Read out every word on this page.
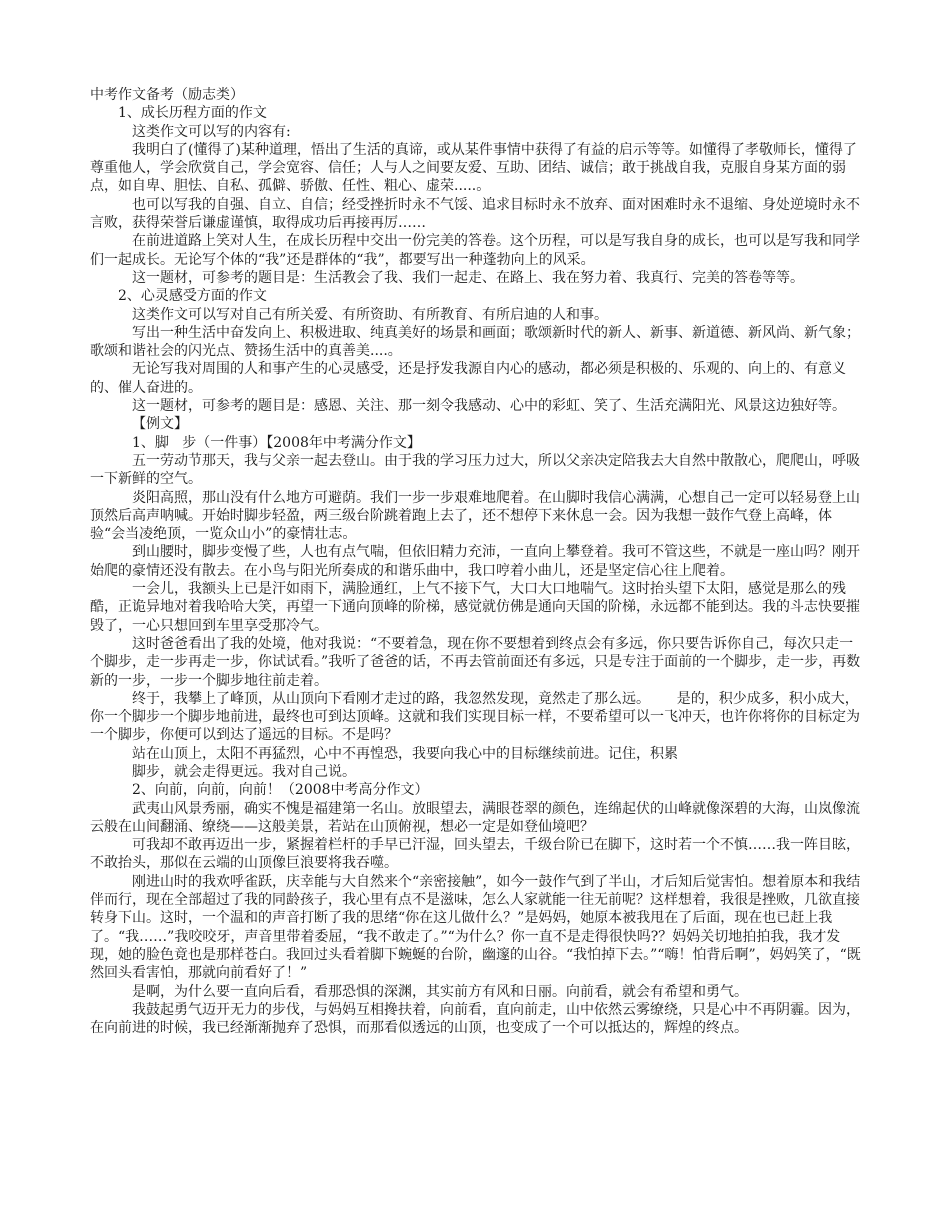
中考作文备考（励志类）

1、成长历程方面的作文

这类作文可以写的内容有:

我明白了(懂得了)某种道理，悟出了生活的真谛，或从某件事情中获得了有益的启示等等。如懂得了孝敬师长，懂得了尊重他人，学会欣赏自己，学会宽容、信任；人与人之间要友爱、互助、团结、诚信；敢于挑战自我，克服自身某方面的弱点，如自卑、胆怯、自私、孤僻、骄傲、任性、粗心、虚荣.....。

也可以写我的自强、自立、自信；经受挫折时永不气馁、追求目标时永不放弃、面对困难时永不退缩、身处逆境时永不言败，获得荣誉后谦虚谨慎，取得成功后再接再厉……

在前进道路上笑对人生，在成长历程中交出一份完美的答卷。这个历程，可以是写我自身的成长，也可以是写我和同学们一起成长。无论写个体的“我”还是群体的“我”，都要写出一种蓬勃向上的风采。

这一题材，可参考的题目是：生活教会了我、我们一起走、在路上、我在努力着、我真行、完美的答卷等等。

2、心灵感受方面的作文

这类作文可以写对自己有所关爱、有所资助、有所教育、有所启迪的人和事。

写出一种生活中奋发向上、积极进取、纯真美好的场景和画面；歌颂新时代的新人、新事、新道德、新风尚、新气象；歌颂和谐社会的闪光点、赞扬生活中的真善美....。

无论写我对周围的人和事产生的心灵感受，还是抒发我源自内心的感动，都必须是积极的、乐观的、向上的、有意义的、催人奋进的。

这一题材，可参考的题目是：感恩、关注、那一刻令我感动、心中的彩虹、笑了、生活充满阳光、风景这边独好等。

【例文】

1、脚   步（一件事）【2008年中考满分作文】

五一劳动节那天，我与父亲一起去登山。由于我的学习压力过大，所以父亲决定陪我去大自然中散散心，爬爬山，呼吸一下新鲜的空气。

炎阳高照，那山没有什么地方可避荫。我们一步一步艰难地爬着。在山脚时我信心满满，心想自己一定可以轻易登上山顶然后高声呐喊。开始时脚步轻盈，两三级台阶跳着跑上去了，还不想停下来休息一会。因为我想一鼓作气登上高峰，体验“会当凌绝顶，一览众山小”的豪情壮志。

到山腰时，脚步变慢了些，人也有点气喘，但依旧精力充沛，一直向上攀登着。我可不管这些，不就是一座山吗？刚开始爬的豪情还没有散去。在小鸟与阳光所奏成的和谐乐曲中，我口哼着小曲儿，还是坚定信心往上爬着。

一会儿，我额头上已是汗如雨下，满脸通红，上气不接下气，大口大口地喘气。这时抬头望下太阳，感觉是那么的残酷，正诡异地对着我哈哈大笑，再望一下通向顶峰的阶梯，感觉就仿佛是通向天国的阶梯，永远都不能到达。我的斗志快要摧毁了，一心只想回到车里享受那冷气。

这时爸爸看出了我的处境，他对我说：“不要着急，现在你不要想着到终点会有多远，你只要告诉你自己，每次只走一个脚步，走一步再走一步，你试试看。”我听了爸爸的话，不再去管前面还有多远，只是专注于面前的一个脚步，走一步，再数新的一步，一步一个脚步地往前走着。

终于，我攀上了峰顶，从山顶向下看刚才走过的路，我忽然发现，竟然走了那么远。      是的，积少成多，积小成大，你一个脚步一个脚步地前进，最终也可到达顶峰。这就和我们实现目标一样，不要希望可以一飞冲天，也许你将你的目标定为一个脚步，你便可以到达了遥远的目标。不是吗？

站在山顶上，太阳不再猛烈，心中不再惶恐，我要向我心中的目标继续前进。记住，积累

脚步，就会走得更远。我对自己说。

2、向前，向前，向前！（2008中考高分作文）

武夷山风景秀丽，确实不愧是福建第一名山。放眼望去，满眼苍翠的颜色，连绵起伏的山峰就像深碧的大海，山岚像流云般在山间翻涌、缭绕——这般美景，若站在山顶俯视，想必一定是如登仙境吧？

可我却不敢再迈出一步，紧握着栏杆的手早已汗湿，回头望去，千级台阶已在脚下，这时若一个不慎……我一阵目眩，不敢抬头，那似在云端的山顶像巨浪要将我吞噬。

刚进山时的我欢呼雀跃，庆幸能与大自然来个“亲密接触”，如今一鼓作气到了半山，才后知后觉害怕。想着原本和我结伴而行，现在全部超过了我的同龄孩子，我心里有点不是滋味，怎么人家就能一往无前呢？这样想着，我很是挫败，几欲直接转身下山。这时，一个温和的声音打断了我的思绪“你在这儿做什么？”是妈妈，她原本被我甩在了后面，现在也已赶上我了。“我……”我咬咬牙，声音里带着委屈，“我不敢走了。”“为什么？你一直不是走得很快吗?？妈妈关切地拍拍我，我才发现，她的脸色竟也是那样苍白。我回过头看着脚下蜿蜒的台阶，幽邃的山谷。“我怕掉下去。”“嗨！怕背后啊”，妈妈笑了，“既然回头看害怕，那就向前看好了！”

是啊，为什么要一直向后看，看那恐惧的深渊，其实前方有风和日丽。向前看，就会有希望和勇气。

我鼓起勇气迈开无力的步伐，与妈妈互相搀扶着，向前看，直向前走，山中依然云雾缭绕，只是心中不再阴霾。因为，在向前进的时候，我已经渐渐抛弃了恐惧，而那看似透远的山顶，也变成了一个可以抵达的，辉煌的终点。
